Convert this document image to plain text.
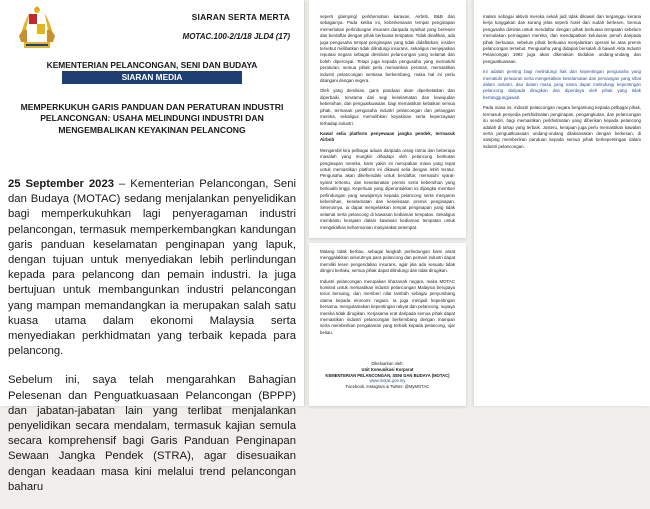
SIARAN SERTA MERTA
MOTAC.100-2/1/18 JLD4 (17)
KEMENTERIAN PELANCONGAN, SENI DAN BUDAYA
SIARAN MEDIA
MEMPERKUKUH GARIS PANDUAN DAN PERATURAN INDUSTRI
PELANCONGAN: USAHA MELINDUNGI INDUSTRI DAN
MENGEMBALIKAN KEYAKINAN PELANCONG

25 September 2023 – Kementerian Pelancongan, Seni dan Budaya (MOTAC) sedang menjalankan penyelidikan bagi memperkukuhkan lagi penyeragaman industri pelancongan, termasuk memperkembangkan kandungan garis panduan keselamatan penginapan yang lapuk, dengan tujuan untuk menyediakan lebih perlindungan kepada para pelancong dan pemain industri. Ia juga bertujuan untuk membangunkan industri pelancongan yang mampan memandangkan ia merupakan salah satu kuasa utama dalam ekonomi Malaysia serta menyediakan perkhidmatan yang terbaik kepada para pelancong.

Sebelum ini, saya telah mengarahkan Bahagian Pelesenan dan Penguatkuasaan Pelancongan (BPPP) dan jabatan-jabatan lain yang terlibat menjalankan penyelidikan secara mendalam, termasuk kajian semula secara komprehensif bagi Garis Panduan Penginapan Sewaan Jangka Pendek (STRA), agar disesuaikan dengan keadaan masa kini melalui trend pelancongan baharu

seperti glamping/ perkhemahan karavan, Airbnb, B&B dan sebagainya. Pada ketika ini, keberkesanan tempat penginapan memerlukan perlindungan insurans daripada syarikat yang berlesen dan berdaftar dengan pihak berkuasa tempatan. Tidak dinafikan, ada juga pengusaha tempat penginapan yang tidak didaftarkan, insiden tersebut melibatkan tidak dilindungi insurans, sekaligus menjejaskan reputasi negara sebagai destinasi pelancongan yang selamat dan boleh dipercayai. Tetapi juga kepada pengusaha yang mematuhi peraturan, semua pihak perlu memainkan peranan, memastikan industri pelancongan sentiasa berkembang, maka hal ini perlu ditangani dengan segera.

Oleh yang demikian, garis panduan akan diperketatkan dan diperbaiki, terutama dari segi keselamatan dan kewujudan kebersihan, dan penguatkuasaan, bagi memastikan kebaikan semua pihak, termasuk pengusaha industri pelancongan dan pelanggan mereka, sekaligus memulihkan keyakinan serta kepercayaan terhadap industri.

Kawal selia platform penyewaan jangka pendek, termasuk Airbnb

Mengambil kira pelbagai aduan daripada orang ramai dan beberapa masalah yang mungkin dihadapi oleh pelancong berikutan penginapan mereka, kami yakin ini merupakan masa yang tepat untuk memastikan platform ini dikawal selia dengan lebih teratur. Pengusaha akan dikehendaki untuk berdaftar, mematuhi syarat-syarat tertentu, dan keselamatan premis serta kebersihan yang berkualiti tinggi. Keperluan yang diperuntukkan ini dijangka memberi perlindungan yang sewajarnya kepada pelancong serta menjamin kebersihan, keselamatan dan keselesaan premis penginapan. Seterusnya, ia dapat mengelakkan tempat penginapan yang tidak selamat serta pelancong di kawasan kediaman tempatan. Sekaligus membantu kerajaan dalam kawasan kediaman tempatan untuk mengekalkan keharmonian masyarakat setempat.

Malang tidak berbau, sebagai langkah perlindungan kami amat menggalakkan seluruhnya para pelancong dan pemain industri dapat memiliki lesen pengendalian insurans, agar jika ada sesuatu tidak diingini berlaku, semua pihak dapat dilindungi dan tidak dirugikan.

Industri pelancongan merupakan khazanah negara, maka MOTAC komited untuk memastikan industri pelancongan Malaysia berupaya terus bersaing, dan memberi nilai tambah sebagai penyumbang utama kepada ekonomi negara. Ia juga menjadi kepentingan bersama, mengutamakan kepentingan rakyat dan pelancong, supaya mereka tidak dirugikan. Kerjasama erat daripada semua pihak dapat memastikan industri pelancongan berkembang dengan mampan serta memberikan pengalaman yang terbaik kepada pelancong, ujar beliau.

Dikeluarkan oleh:
Unit Komunikasi Korporat
KEMENTERIAN PELANCONGAN, SENI DAN BUDAYA (MOTAC)
www.motac.gov.my
Facebook, Instagram & Twitter: @MyMOTAC

malam sebagai aktiviti mereka sekali jadi tidak dikawal dan terganggu kerana kerja tunggakan dan kurang jelas seperti hotel dan sudah berlesen. Semua pengusaha diminta untuk mendaftar dengan pihak berkuasa tempatan sebelum memulakan perniagaan mereka, dan mendapatkan kelulusan penuh daripada pihak berkuasa, sebelum pihak berkuasa menjalankan operasi ke atas premis pelancongan tersebut. Pengusaha yang didapati bersalah di bawah Akta Industri Pelancongan 1992 juga akan dikenakan tindakan undang-undang dan penguatkuasaan.

Ini adalah penting bagi melindungi hak dan kepentingan pengusaha yang mematuhi peraturan serta mengekalkan keselamatan dan persaingan yang sihat dalam industri, dan dalam masa yang sama dapat melindungi kepentingan pelancong daripada dirugikan dan diperdaya oleh pihak yang tidak bertanggungjawab.

Pada masa ini, industri pelancongan negara bergantung kepada pelbagai pihak, termasuk penyedia perkhidmatan penginapan, pengangkutan, dan pelancongan itu sendiri, bagi memastikan perkhidmatan yang diberikan kepada pelancong adalah di tahap yang terbaik. Justeru, kerajaan juga perlu memastikan kawalan serta penguatkuasaan undang-undang dilaksanakan dengan berkesan, di samping memberikan panduan kepada semua pihak berkepentingan dalam industri pelancongan.
